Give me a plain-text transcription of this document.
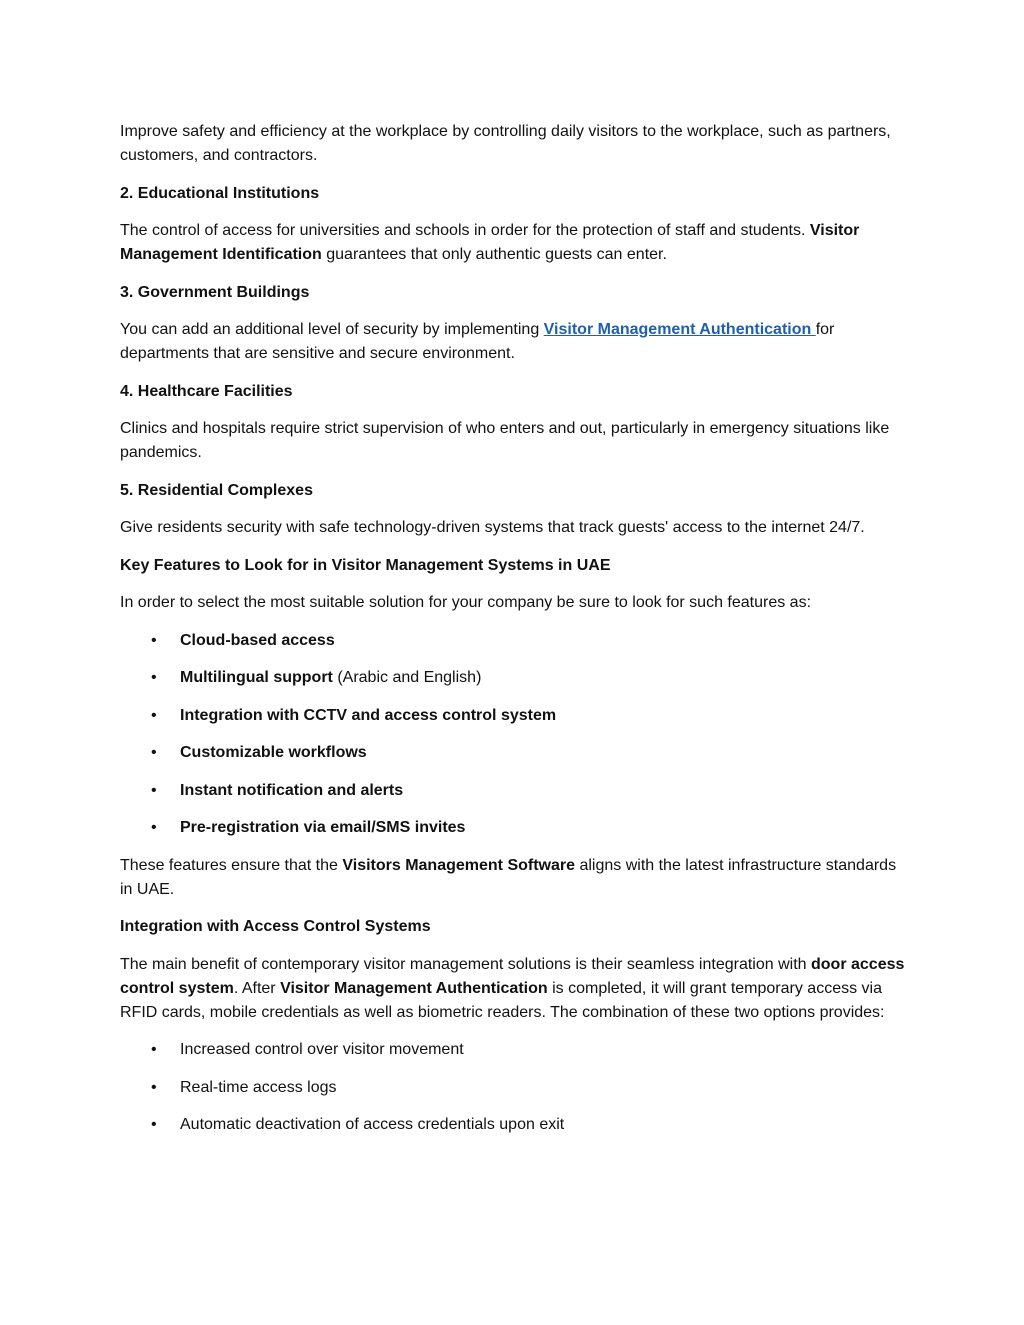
Improve safety and efficiency at the workplace by controlling daily visitors to the workplace, such as partners, customers, and contractors.

2. Educational Institutions

The control of access for universities and schools in order for the protection of staff and students. Visitor Management Identification guarantees that only authentic guests can enter.

3. Government Buildings

You can add an additional level of security by implementing Visitor Management Authentication for departments that are sensitive and secure environment.

4. Healthcare Facilities

Clinics and hospitals require strict supervision of who enters and out, particularly in emergency situations like pandemics.

5. Residential Complexes

Give residents security with safe technology-driven systems that track guests' access to the internet 24/7.

Key Features to Look for in Visitor Management Systems in UAE

In order to select the most suitable solution for your company be sure to look for such features as:

• Cloud-based access
• Multilingual support (Arabic and English)
• Integration with CCTV and access control system
• Customizable workflows
• Instant notification and alerts
• Pre-registration via email/SMS invites

These features ensure that the Visitors Management Software aligns with the latest infrastructure standards in UAE.

Integration with Access Control Systems

The main benefit of contemporary visitor management solutions is their seamless integration with door access control system. After Visitor Management Authentication is completed, it will grant temporary access via RFID cards, mobile credentials as well as biometric readers. The combination of these two options provides:

• Increased control over visitor movement
• Real-time access logs
• Automatic deactivation of access credentials upon exit
